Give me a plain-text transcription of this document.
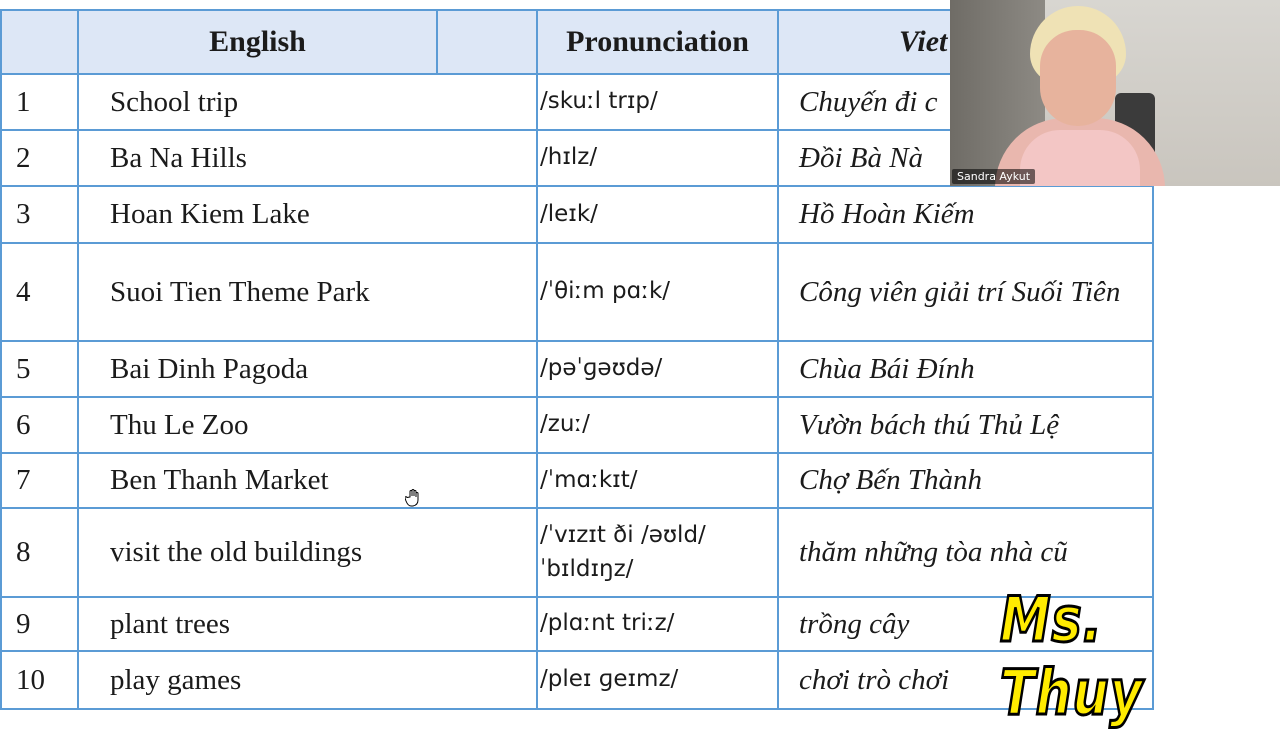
	English		Pronunciation	Viet
1	School trip		/skuːl trɪp/	Chuyến đi c
2	Ba Na Hills		/hɪlz/	Đồi Bà Nà
3	Hoan Kiem Lake		/leɪk/	Hồ Hoàn Kiếm
4	Suoi Tien Theme Park		/ˈθiːm pɑːk/	Công viên giải trí Suối Tiên
5	Bai Dinh Pagoda		/pəˈɡəʊdə/	Chùa Bái Đính
6	Thu Le Zoo		/zuː/	Vườn bách thú Thủ Lệ
7	Ben Thanh Market		/ˈmɑːkɪt/	Chợ Bến Thành
8	visit the old buildings		/ˈvɪzɪt ði /əʊld/ˈbɪldɪŋz/	thăm những tòa nhà cũ
9	plant trees		/plɑːnt triːz/	trồng cây
10	play games		/pleɪ ɡeɪmz/	chơi trò chơi
Sandra Aykut
Ms. Thuy
